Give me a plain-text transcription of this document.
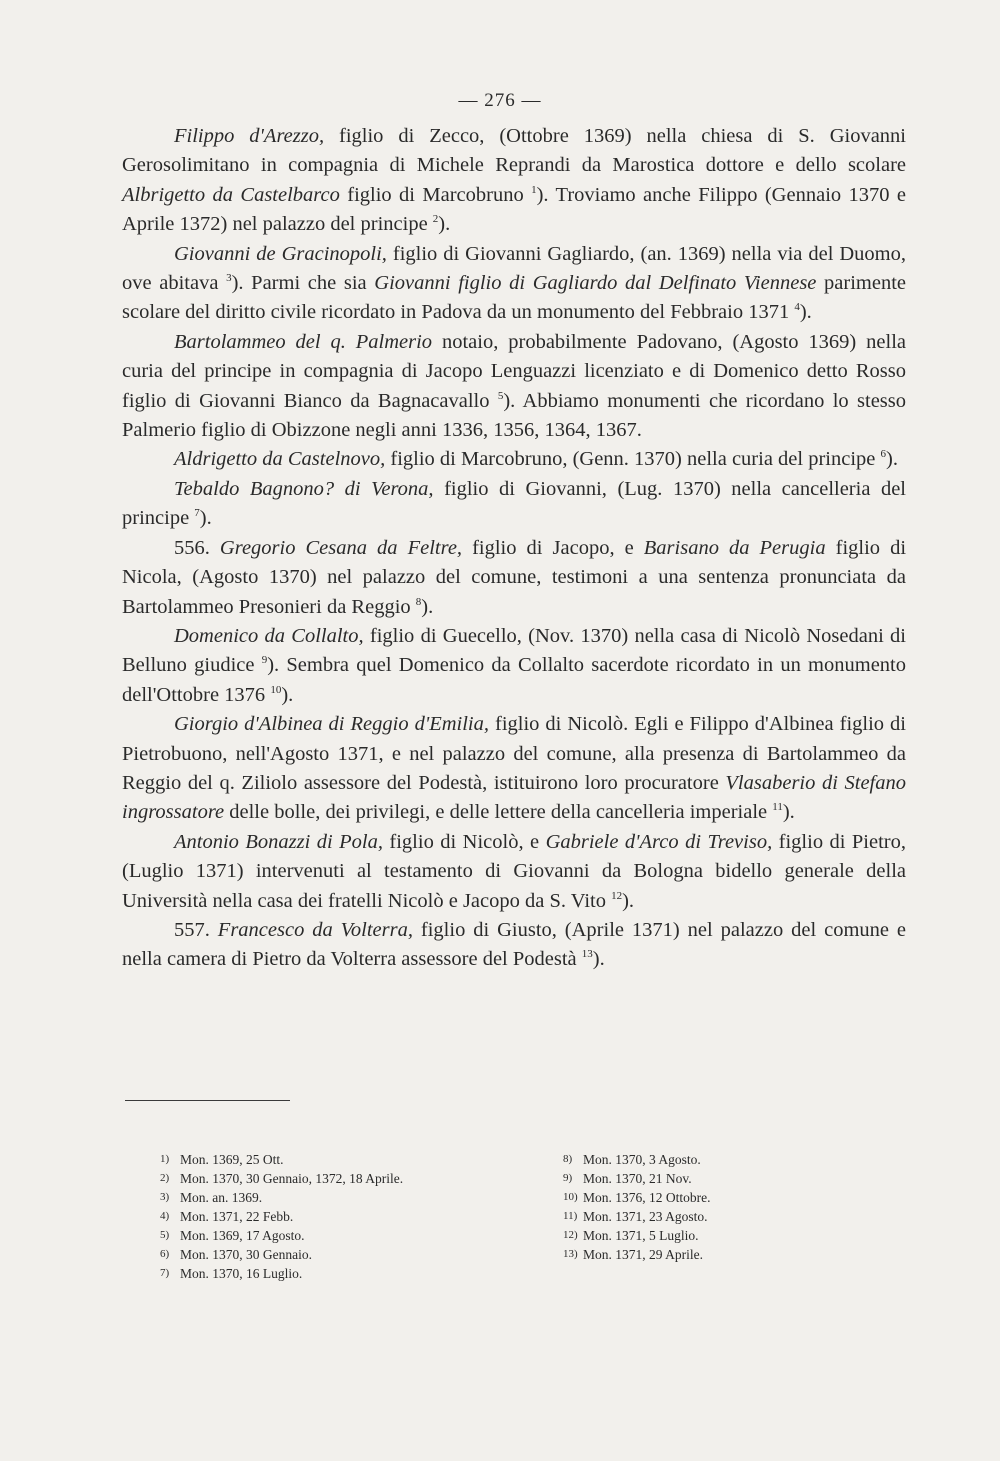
— 276 —

Filippo d'Arezzo, figlio di Zecco, (Ottobre 1369) nella chiesa di S. Giovanni Gerosolimitano in compagnia di Michele Reprandi da Marostica dottore e dello scolare Albrigetto da Castelbarco figlio di Marcobruno $^1$). Troviamo anche Filippo (Gennaio 1370 e Aprile 1372) nel palazzo del principe $^2$).

Giovanni de Gracinopoli, figlio di Giovanni Gagliardo, (an. 1369) nella via del Duomo, ove abitava $^3$). Parmi che sia Giovanni figlio di Gagliardo dal Delfinato Viennese parimente scolare del diritto civile ricordato in Padova da un monumento del Febbraio 1371 $^4$).

Bartolammeo del q. Palmerio notaio, probabilmente Padovano, (Agosto 1369) nella curia del principe in compagnia di Jacopo Lenguazzi licenziato e di Domenico detto Rosso figlio di Giovanni Bianco da Bagnacavallo $^5$). Abbiamo monumenti che ricordano lo stesso Palmerio figlio di Obizzone negli anni 1336, 1356, 1364, 1367.

Aldrigetto da Castelnovo, figlio di Marcobruno, (Genn. 1370) nella curia del principe $^6$).

Tebaldo Bagnono? di Verona, figlio di Giovanni, (Lug. 1370) nella cancelleria del principe $^7$).

556. Gregorio Cesana da Feltre, figlio di Jacopo, e Barisano da Perugia figlio di Nicola, (Agosto 1370) nel palazzo del comune, testimoni a una sentenza pronunciata da Bartolammeo Presonieri da Reggio $^8$).

Domenico da Collalto, figlio di Guecello, (Nov. 1370) nella casa di Nicolò Nosedani di Belluno giudice $^9$). Sembra quel Domenico da Collalto sacerdote ricordato in un monumento dell'Ottobre 1376 $^{10}$).

Giorgio d'Albinea di Reggio d'Emilia, figlio di Nicolò. Egli e Filippo d'Albinea figlio di Pietrobuono, nell'Agosto 1371, e nel palazzo del comune, alla presenza di Bartolammeo da Reggio del q. Ziliolo assessore del Podestà, istituirono loro procuratore Vlasaberio di Stefano ingrossatore delle bolle, dei privilegi, e delle lettere della cancelleria imperiale $^{11}$).

Antonio Bonazzi di Pola, figlio di Nicolò, e Gabriele d'Arco di Treviso, figlio di Pietro, (Luglio 1371) intervenuti al testamento di Giovanni da Bologna bidello generale della Università nella casa dei fratelli Nicolò e Jacopo da S. Vito $^{12}$).

557. Francesco da Volterra, figlio di Giusto, (Aprile 1371) nel palazzo del comune e nella camera di Pietro da Volterra assessore del Podestà $^{13}$).

1) Mon. 1369, 25 Ott.
2) Mon. 1370, 30 Gennaio, 1372, 18 Aprile.
3) Mon. an. 1369.
4) Mon. 1371, 22 Febb.
5) Mon. 1369, 17 Agosto.
6) Mon. 1370, 30 Gennaio.
7) Mon. 1370, 16 Luglio.
8) Mon. 1370, 3 Agosto.
9) Mon. 1370, 21 Nov.
10) Mon. 1376, 12 Ottobre.
11) Mon. 1371, 23 Agosto.
12) Mon. 1371, 5 Luglio.
13) Mon. 1371, 29 Aprile.
